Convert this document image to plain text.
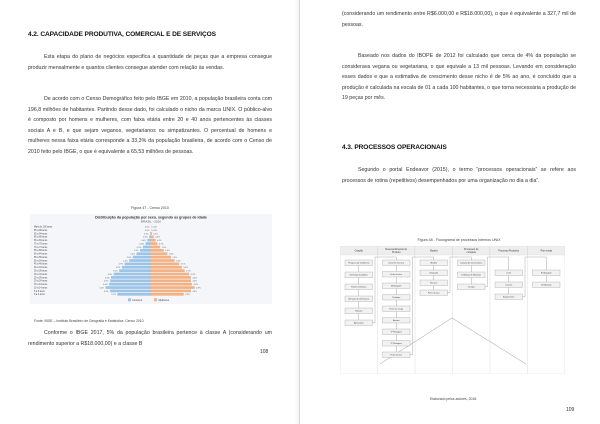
4.2. CAPACIDADE PRODUTIVA, COMERCIAL E DE SERVIÇOS
Esta etapa do plano de negócios especifica a quantidade de peças que a empresa consegue produzir mensalmente e quantos clientes consegue atender com relação às vendas.
De acordo com o Censo Demográfico feito pelo IBGE em 2010, a população brasileira conta com 196,8 milhões de habitantes. Partindo desse dado, foi calculado o nicho da marca UNIX. O público-alvo é composto por homens e mulheres, com faixa etária entre 20 e 40 anos pertencentes às classes sociais A e B, e que sejam veganos, vegetarianos ou simpatizantes. O percentual de homens e mulheres nessa faixa etária corresponde a 33,3% da população brasileira, de acordo com o Censo de 2010 feito pelo IBGE, o que é equivalente a 65,53 milhões de pessoas.
Figura 47 - Censo 2010
Distribuição da população por sexo, segundo os grupos de idade
BRASIL - 2010
Mais de 100 anos	0.0% 0.0%
95 a 99 anos	0.0% 0.0%
90 a 94 anos	0.1% 0.1%
85 a 89 anos	0.2%	0.3%
80 a 84 anos	0.4%	0.5%
75 a 79 anos	0.6%	0.7%
70 a 74 anos	0.9%	1.0%
65 a 69 anos	1.2%	1.4%
60 a 64 anos	1.6%	1.8%
55 a 59 anos	2.0%	2.2%
50 a 54 anos	2.4%	2.6%
45 a 49 anos	2.9%	3.1%
40 a 44 anos	3.2%	3.4%
35 a 39 anos	3.5%	3.7%
30 a 34 anos	4.1%	4.2%
25 a 29 anos	4.4%	4.4%
20 a 24 anos	4.5%	4.4%
15 a 19 anos	4.6%	4.5%
10 a 14 anos	5.0%	4.8%
5 a 9 anos	4.5%	4.4%
0 a 4 anos	3.7%	3.6%
Homens	Mulheres
Fonte: IBGE – Instituto Brasileiro de Geografia e Estatística. Censo 2010.
Conforme o IBGE 2017, 5% da população brasileira pertence à classe A (considerando um rendimento superior a R$18.000,00) e a classe B
108
(considerando um rendimento entre R$6.000,00 e R$18.000,00), o que é equivalente a 327,7 mil de pessoas.
Baseado nos dados do IBOPE de 2012 foi calculado que cerca de 4% da população se considerava vegana ou vegetariana, o que equivale a 13 mil pessoas. Levando em consideração esses dados e que a estimativa de crescimento desse nicho é de 5% ao ano, é concluído que a produção é calculada na escala de 01 a cada 100 habitantes, o que torna necessária a produção de 19 peças por mês.
4.3. PROCESSOS OPERACIONAIS
Segundo o portal Endeavor (2015), o termo “processos operacionais” se refere aos processos de rotina (repetitivos) desempenhados por uma organização no dia a dia”.
Figura 48 - Fluxograma de processos internos UNIX
Elaborado pelos autores, 2018.
109
Criação
Desenvolvimento de
Produto	Modelo
Processos de
compras	Processo Produtivo	Pós venda
Pesquisa de tendências
Definição de público
Painel semântico
Geração de alternativas
Seleção
Aprovação
Desenho Técnico
Ficha técnica
Modelagem
Protótipo
Prova de roupa
Ajustes
1ª Pilotagem
2ª Pilotagem
Ficha técnica
Modelo
Gradação
Encaixe
Ficha técnica
Cotação de fornecedores
Definição de Materiais
Compra
Corte
Costura
Acabamento
Embalagem
Distribuição
